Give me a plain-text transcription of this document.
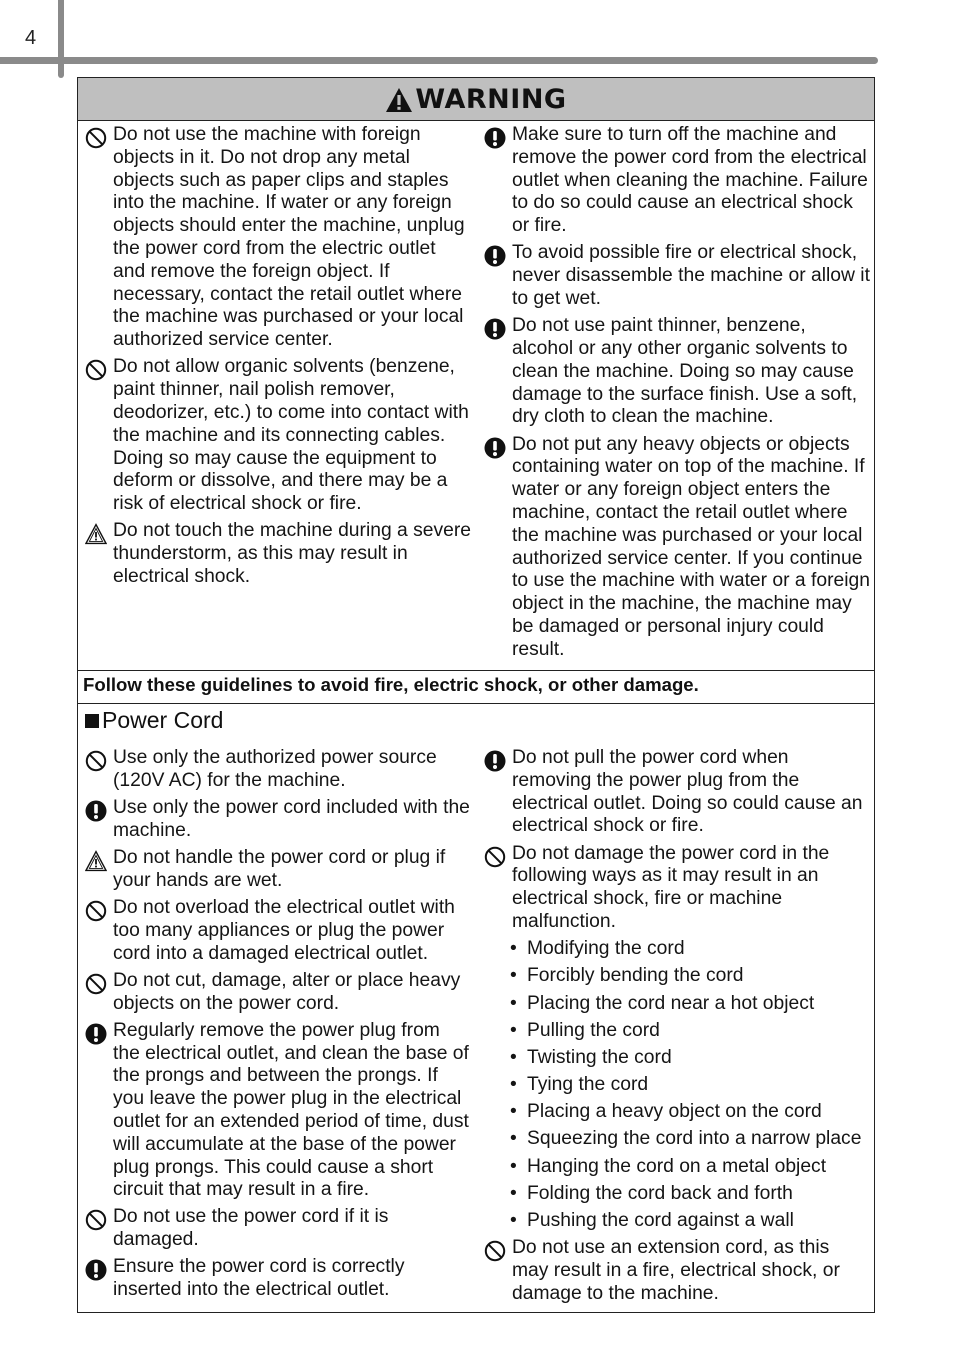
4
WARNING
Do not use the machine with foreign objects in it. Do not drop any metal objects such as paper clips and staples into the machine. If water or any foreign objects should enter the machine, unplug the power cord from the electric outlet and remove the foreign object. If necessary, contact the retail outlet where the machine was purchased or your local authorized service center.
Do not allow organic solvents (benzene, paint thinner, nail polish remover, deodorizer, etc.) to come into contact with the machine and its connecting cables. Doing so may cause the equipment to deform or dissolve, and there may be a risk of electrical shock or fire.
Do not touch the machine during a severe thunderstorm, as this may result in electrical shock.
Make sure to turn off the machine and remove the power cord from the electrical outlet when cleaning the machine. Failure to do so could cause an electrical shock or fire.
To avoid possible fire or electrical shock, never disassemble the machine or allow it to get wet.
Do not use paint thinner, benzene, alcohol or any other organic solvents to clean the machine. Doing so may cause damage to the surface finish. Use a soft, dry cloth to clean the machine.
Do not put any heavy objects or objects containing water on top of the machine. If water or any foreign object enters the machine, contact the retail outlet where the machine was purchased or your local authorized service center. If you continue to use the machine with water or a foreign object in the machine, the machine may be damaged or personal injury could result.
Follow these guidelines to avoid fire, electric shock, or other damage.
Power Cord
Use only the authorized power source (120V AC) for the machine.
Use only the power cord included with the machine.
Do not handle the power cord or plug if your hands are wet.
Do not overload the electrical outlet with too many appliances or plug the power cord into a damaged electrical outlet.
Do not cut, damage, alter or place heavy objects on the power cord.
Regularly remove the power plug from the electrical outlet, and clean the base of the prongs and between the prongs. If you leave the power plug in the electrical outlet for an extended period of time, dust will accumulate at the base of the power plug prongs. This could cause a short circuit that may result in a fire.
Do not use the power cord if it is damaged.
Ensure the power cord is correctly inserted into the electrical outlet.
Do not pull the power cord when removing the power plug from the electrical outlet. Doing so could cause an electrical shock or fire.
Do not damage the power cord in the following ways as it may result in an electrical shock, fire or machine malfunction.
• Modifying the cord
• Forcibly bending the cord
• Placing the cord near a hot object
• Pulling the cord
• Twisting the cord
• Tying the cord
• Placing a heavy object on the cord
• Squeezing the cord into a narrow place
• Hanging the cord on a metal object
• Folding the cord back and forth
• Pushing the cord against a wall
Do not use an extension cord, as this may result in a fire, electrical shock, or damage to the machine.
